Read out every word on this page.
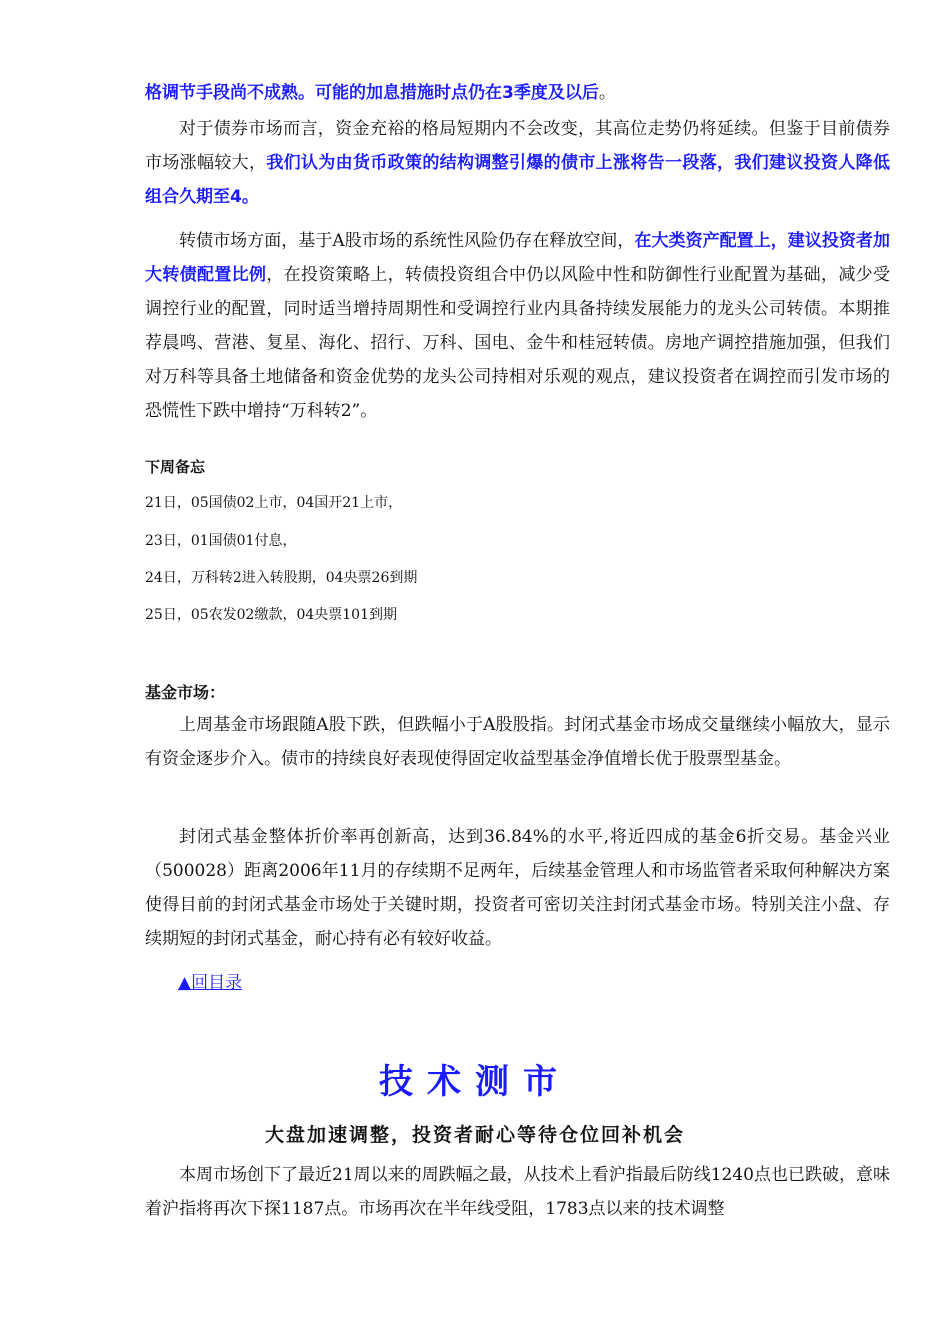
格调节手段尚不成熟。可能的加息措施时点仍在3季度及以后。

对于债券市场而言，资金充裕的格局短期内不会改变，其高位走势仍将延续。但鉴于目前债券市场涨幅较大，我们认为由货币政策的结构调整引爆的债市上涨将告一段落，我们建议投资人降低组合久期至4。

转债市场方面，基于A股市场的系统性风险仍存在释放空间，在大类资产配置上，建议投资者加大转债配置比例，在投资策略上，转债投资组合中仍以风险中性和防御性行业配置为基础，减少受调控行业的配置，同时适当增持周期性和受调控行业内具备持续发展能力的龙头公司转债。本期推荐晨鸣、营港、复星、海化、招行、万科、国电、金牛和桂冠转债。房地产调控措施加强，但我们对万科等具备土地储备和资金优势的龙头公司持相对乐观的观点，建议投资者在调控而引发市场的恐慌性下跌中增持“万科转2”。

下周备忘

21日，05国债02上市，04国开21上市，

23日，01国债01付息，

24日，万科转2进入转股期，04央票26到期

25日，05农发02缴款，04央票101到期

基金市场：

上周基金市场跟随A股下跌，但跌幅小于A股股指。封闭式基金市场成交量继续小幅放大，显示有资金逐步介入。债市的持续良好表现使得固定收益型基金净值增长优于股票型基金。

封闭式基金整体折价率再创新高，达到36.84%的水平,将近四成的基金6折交易。基金兴业（500028）距离2006年11月的存续期不足两年，后续基金管理人和市场监管者采取何种解决方案使得目前的封闭式基金市场处于关键时期，投资者可密切关注封闭式基金市场。特别关注小盘、存续期短的封闭式基金，耐心持有必有较好收益。

▲回目录
技术测市
大盘加速调整，投资者耐心等待仓位回补机会

本周市场创下了最近21周以来的周跌幅之最，从技术上看沪指最后防线1240点也已跌破，意味着沪指将再次下探1187点。市场再次在半年线受阻，1783点以来的技术调整
